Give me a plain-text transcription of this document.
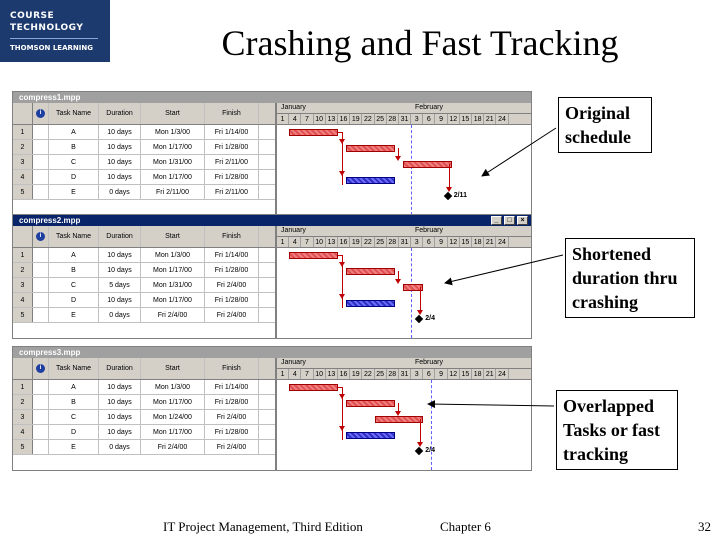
COURSE
TECHNOLOGY
THOMSON LEARNING	Crashing and Fast Tracking
compress1.mpp
i	Task Name	Duration	Start	Finish
1	A	10 days	Mon 1/3/00	Fri 1/14/00
2	B	10 days	Mon 1/17/00	Fri 1/28/00
3	C	10 days	Mon 1/31/00	Fri 2/11/00
4	D	10 days	Mon 1/17/00	Fri 1/28/00
5	E	0 days	Fri 2/11/00	Fri 2/11/00
January	February
1	4	7 10 13 16 19 22 25 28 31 3	6	9 12 15 18 21 24
2/11
compress2.mpp	_	□	×
i	Task Name	Duration	Start	Finish
1	A	10 days	Mon 1/3/00	Fri 1/14/00
2	B	10 days	Mon 1/17/00	Fri 1/28/00
3	C	5 days	Mon 1/31/00	Fri 2/4/00
4	D	10 days	Mon 1/17/00	Fri 1/28/00
5	E	0 days	Fri 2/4/00	Fri 2/4/00
January	February
1	4	7 10 13 16 19 22 25 28 31 3	6	9 12 15 18 21 24
2/4
compress3.mpp
i	Task Name	Duration	Start	Finish
1	A	10 days	Mon 1/3/00	Fri 1/14/00
2	B	10 days	Mon 1/17/00	Fri 1/28/00
3	C	10 days	Mon 1/24/00	Fri 2/4/00
4	D	10 days	Mon 1/17/00	Fri 1/28/00
5	E	0 days	Fri 2/4/00	Fri 2/4/00
January	February
1	4	7 10 13 16 19 22 25 28 31 3	6	9 12 15 18 21 24
2/4
Original
schedule
Shortened
duration thru
crashing
Overlapped
Tasks or fast
tracking
IT Project Management, Third Edition	Chapter 6	32
